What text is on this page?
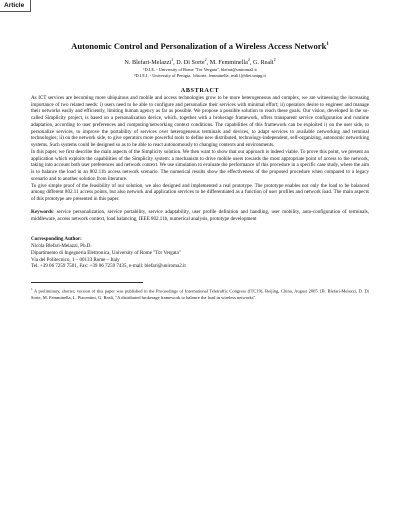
Article
Autonomic Control and Personalization of a Wireless Access Network$^1$
N. Blefari-Melazzi$^1$, D. Di Sorte$^2$, M. Femminella$^2$, G. Reali$^2$
¹D.I.E. - University of Rome "Tor Vergata", blefari@uniroma2.it
²D.I.E.I. - University of Perugia, {disorte, femminella, reali}@diei.unipg.it
ABSTRACT

As ICT services are becoming more ubiquitous and mobile and access technologies grow to be more heterogeneous and complex, we are witnessing the increasing importance of two related needs: i) users need to be able to configure and personalize their services with minimal effort; ii) operators desire to engineer and manage their networks easily and efficiently, limiting human agency as far as possible. We propose a possible solution to reach these goals. Our vision, developed in the so-called Simplicity project, is based on a personalization device, which, together with a brokerage framework, offers transparent service configuration and runtime adaptation, according to user preferences and computing/networking context conditions. The capabilities of this framework can be exploited i) on the user side, to personalize services, to improve the portability of services over heterogeneous terminals and devices, to adapt services to available networking and terminal technologies; ii) on the network side, to give operators more powerful tools to define new distributed, technology-independent, self-organizing, autonomic networking systems. Such systems could be designed so as to be able to react autonomously to changing contexts and environments.

In this paper, we first describe the main aspects of the Simplicity solution. We then want to show that our approach is indeed viable. To prove this point, we present an application which exploits the capabilities of the Simplicity system: a mechanism to drive mobile users towards the most appropriate point of access to the network, taking into account both user preferences and network context. We use simulation to evaluate the performance of this procedure in a specific case study, where the aim is to balance the load in an 802.11b access network scenario. The numerical results show the effectiveness of the proposed procedure when compared to a legacy scenario and to another solution from literature.

To give simple proof of the feasibility of our solution, we also designed and implemented a real prototype. The prototype enables not only the load to be balanced among different 802.11 access points, but also network and application services to be differentiated as a function of user profiles and network load. The main aspects of this prototype are presented in this paper.

Keywords: service personalization, service portability, service adaptability, user profile definition and handling, user mobility, auto-configuration of terminals, middleware, access network context, load balancing, IEEE 802.11b, numerical analysis, prototype development

Corresponding Author:
Nicola Blefari-Melazzi, Ph.D.
Dipartimento di Ingegneria Elettronica, University of Rome "Tor Vergata"
Via del Politecnico, 1 – 00133 Rome – Italy
Tel. +39 06 7259 7501, Fax: +39 06 7259 7435, e-mail: blefari@uniroma2.it
$^1$ A preliminary, shorter, version of this paper was published in the Proceedings of International Teletraffic Congress (ITC19), Beijing, China, August 2005. [B. Blefari-Melazzi, D. Di Sorte, M. Femminella, L. Piacentini, G. Reali, "A distributed brokerage framework to balance the load in wireless networks".
